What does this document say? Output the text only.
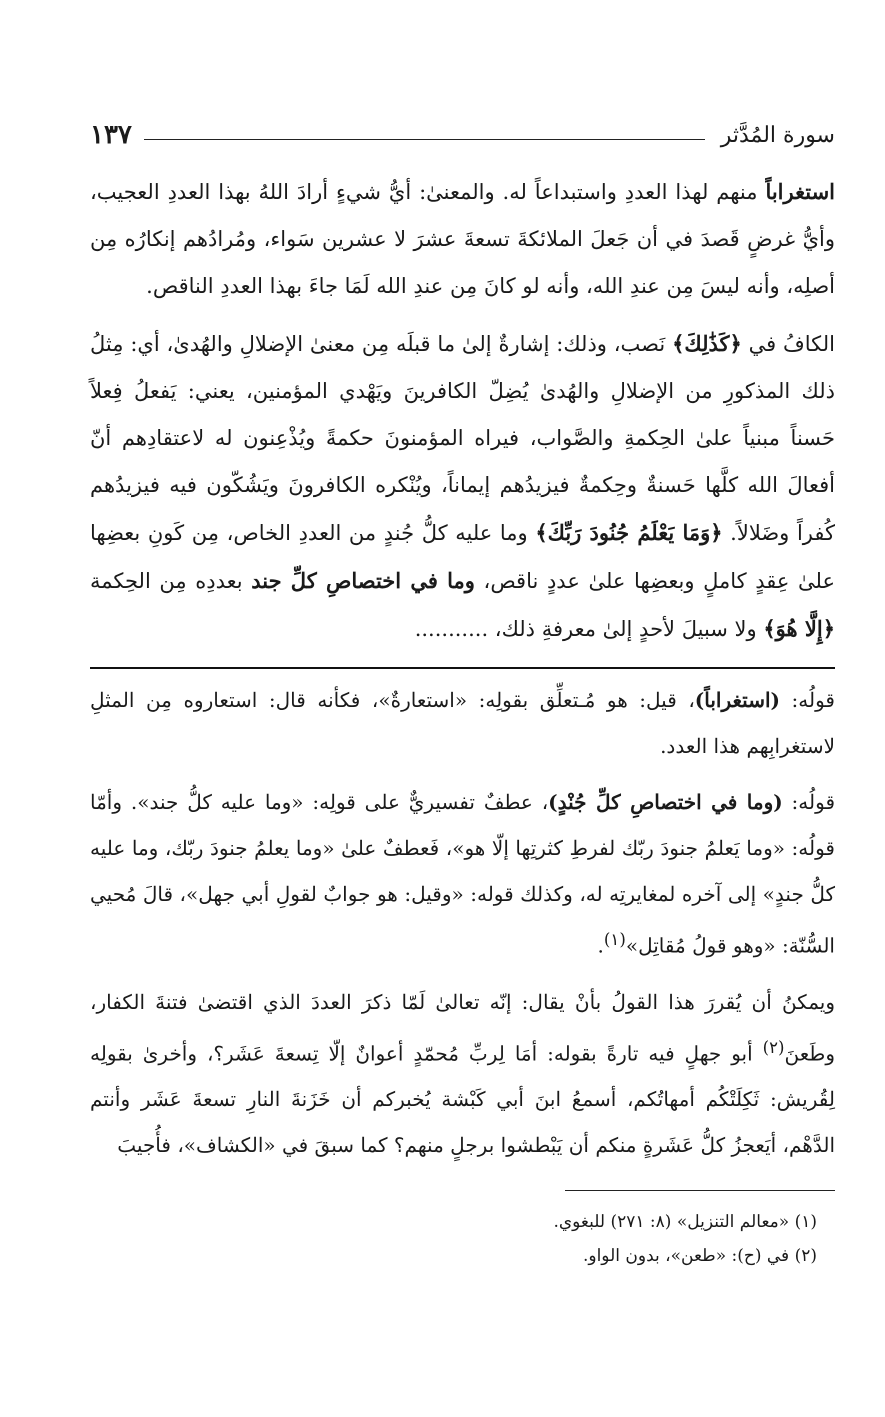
سورة المُدَّثر
١٣٧

استغراباً منهم لهذا العددِ واستبداعاً له. والمعنىٰ: أيُّ شيءٍ أرادَ اللهُ بهذا العددِ العجيب، وأيُّ غرضٍ قَصدَ في أن جَعلَ الملائكةَ تسعةَ عشرَ لا عشرين سَواء، ومُرادُهم إنكارُه مِن أصلِه، وأنه ليسَ مِن عندِ الله، وأنه لو كانَ مِن عندِ الله لَمَا جاءَ بهذا العددِ الناقص.

الكافُ في ﴿كَذَٰلِكَ﴾ نَصب، وذلك: إشارةٌ إلىٰ ما قبلَه مِن معنىٰ الإضلالِ والهُدىٰ، أي: مِثلُ ذلك المذكورِ من الإضلالِ والهُدىٰ يُضِلّ الكافرينَ ويَهْدي المؤمنين، يعني: يَفعلُ فِعلاً حَسناً مبنياً علىٰ الحِكمةِ والصَّواب، فيراه المؤمنونَ حكمةً ويُذْعِنون له لاعتقادِهم أنّ أفعالَ الله كلَّها حَسنةٌ وحِكمةٌ فيزيدُهم إيماناً، ويُنْكره الكافرونَ ويَشُكّون فيه فيزيدُهم كُفراً وضَلالاً. ﴿وَمَا يَعْلَمُ جُنُودَ رَبِّكَ﴾ وما عليه كلُّ جُندٍ من العددِ الخاص، مِن كَونِ بعضِها علىٰ عِقدٍ كاملٍ وبعضِها علىٰ عددٍ ناقص، وما في اختصاصِ كلِّ جند بعددِه مِن الحِكمة ﴿إِلَّا هُوَ﴾ ولا سبيلَ لأحدٍ إلىٰ معرفةِ ذلك، ...........

قولُه: (استغراباً)، قيل: هو مُـتعلِّق بقولِه: «استعارةٌ»، فكأنه قال: استعاروه مِن المثلِ لاستغرابِهم هذا العدد.

قولُه: (وما في اختصاصِ كلِّ جُنْدٍ)، عطفٌ تفسيريٌّ على قولِه: «وما عليه كلُّ جند». وأمّا قولُه: «وما يَعلمُ جنودَ ربّك لفرطِ كثرتِها إلّا هو»، فَعطفٌ علىٰ «وما يعلمُ جنودَ ربّك، وما عليه كلُّ جندٍ» إلى آخره لمغايرتِه له، وكذلك قوله: «وقيل: هو جوابٌ لقولِ أبي جهل»، قالَ مُحيي السُّنّة: «وهو قولُ مُقاتِل»$^{(١)}$.

ويمكنُ أن يُقررَ هذا القولُ بأنْ يقال: إنّه تعالىٰ لَمّا ذكرَ العددَ الذي اقتضىٰ فتنةَ الكفار، وطَعنَ$^{(٢)}$ أبو جهلٍ فيه تارةً بقوله: أمَا لِربِّ مُحمّدٍ أعوانٌ إلّا تِسعةَ عَشَر؟، وأخرىٰ بقولِه لِقُريش: ثَكِلَتْكُم أمهاتُكم، أسمعُ ابنَ أبي كَبْشة يُخبركم أن خَزَنةَ النارِ تسعةَ عَشَر وأنتم الدَّهْم، أيَعجزُ كلُّ عَشَرةٍ منكم أن يَبْطشوا برجلٍ منهم؟ كما سبقَ في «الكشاف»، فأُجيبَ

(١) «معالم التنزيل» (٨: ٢٧١) للبغوي.

(٢) في (ح): «طعن»، بدون الواو.
